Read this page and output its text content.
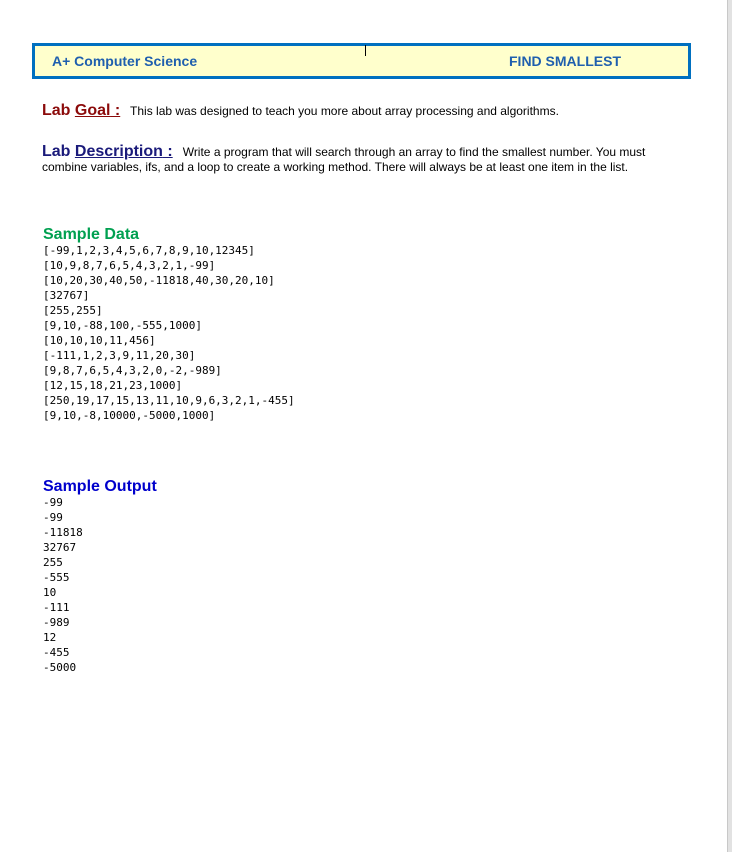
A+ Computer Science	FIND SMALLEST
Lab Goal : This lab was designed to teach you more about array processing and algorithms.
Lab Description : Write a program that will search through an array to find the smallest number. You must combine variables, ifs, and a loop to create a working method. There will always be at least one item in the list.
Sample Data
[-99,1,2,3,4,5,6,7,8,9,10,12345]
[10,9,8,7,6,5,4,3,2,1,-99]
[10,20,30,40,50,-11818,40,30,20,10]
[32767]
[255,255]
[9,10,-88,100,-555,1000]
[10,10,10,11,456]
[-111,1,2,3,9,11,20,30]
[9,8,7,6,5,4,3,2,0,-2,-989]
[12,15,18,21,23,1000]
[250,19,17,15,13,11,10,9,6,3,2,1,-455]
[9,10,-8,10000,-5000,1000]
Sample Output
-99
-99
-11818
32767
255
-555
10
-111
-989
12
-455
-5000
